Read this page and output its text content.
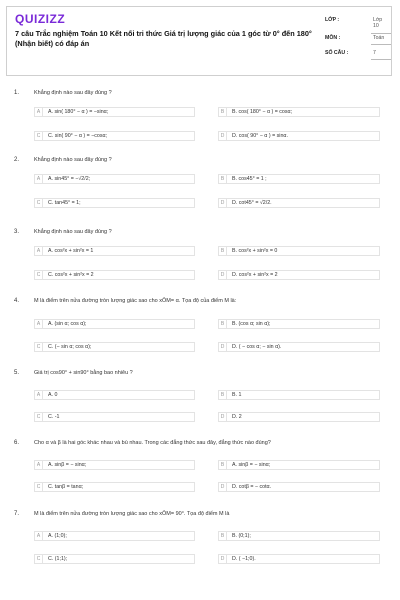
QUIZIZZ
7 câu Trắc nghiệm Toán 10 Kết nối tri thức Giá trị lượng giác của 1 góc từ 0° đến 180° (Nhận biết) có đáp án
LỚP :	Lớp 10
MÔN :	Toán
SỐ CÂU :	7
1.	Khẳng định nào sau đây đúng ?
A	A. sin( 180° − α ) = −sinα;	B	B. cos( 180° − α ) = cosα;
C	C. sin( 90° − α ) = −cosα;	D	D. cos( 90° − α ) = sinα.
2.	Khẳng định nào sau đây đúng ?
A	A. sin45° = −√2/2;	B	B. cos45° = 1 ;
C	C. tan45° = 1;	D	D. cot45° = √2/2.
3.	Khẳng định nào sau đây đúng ?
A	A. cos²x + sin²x = 1	B	B. cos²x + sin²x = 0
C	C. cos²x + sin²x = 2	D	D. cos²x + sin²x = 2
4.	M là điểm trên nửa đường tròn lượng giác sao cho xÔM= α. Tọa độ của điểm M là:
A	A. (sin α; cos α);	B	B. (cos α; sin α);
C	C. (− sin α; cos α);	D	D. ( − cos α; − sin α).
5.	Giá trị cos90° + sin90° bằng bao nhiêu ?
A	A. 0	B	B. 1
C	C. -1	D	D. 2
6.	Cho α và β là hai góc khác nhau và bù nhau. Trong các đẳng thức sau đây, đẳng thức nào đúng?
A	A. sinβ = − sinα;	B	A. sinβ = − sinα;
C	C. tanβ = tanα;	D	D. cotβ = − cotα.
7.	M là điểm trên nửa đường tròn lượng giác sao cho xÔM= 90°. Tọa độ điểm M là
A	A. (1;0);	B	B. (0;1);
C	C. (1;1);	D	D. ( −1;0).
